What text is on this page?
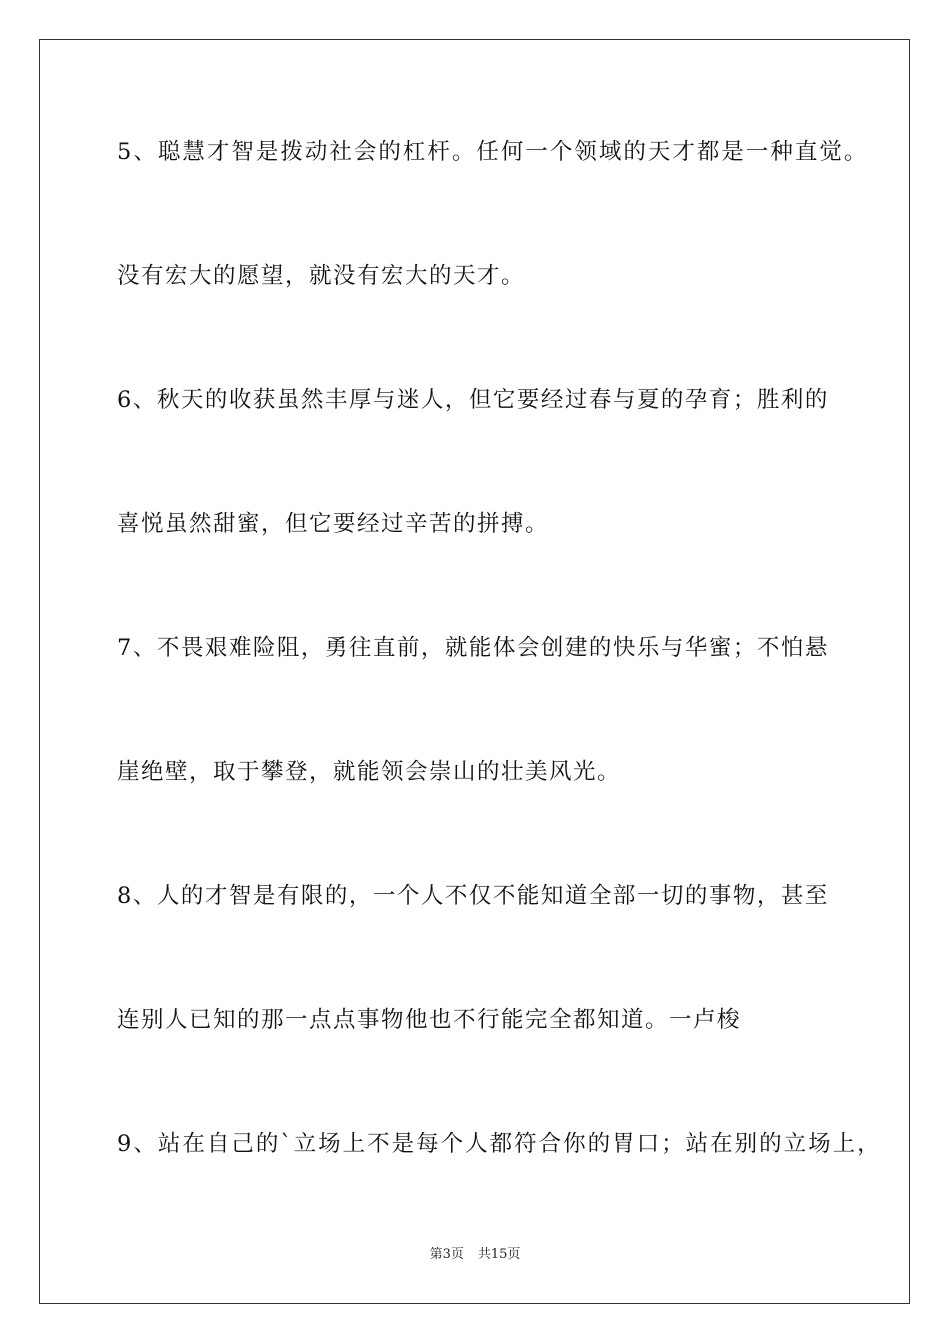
5、聪慧才智是拨动社会的杠杆。任何一个领域的天才都是一种直觉。
没有宏大的愿望，就没有宏大的天才。
6、秋天的收获虽然丰厚与迷人，但它要经过春与夏的孕育；胜利的
喜悦虽然甜蜜，但它要经过辛苦的拼搏。
7、不畏艰难险阻，勇往直前，就能体会创建的快乐与华蜜；不怕悬
崖绝壁，取于攀登，就能领会崇山的壮美风光。
8、人的才智是有限的，一个人不仅不能知道全部一切的事物，甚至
连别人已知的那一点点事物他也不行能完全都知道。一卢梭
9、站在自己的`立场上不是每个人都符合你的胃口；站在别的立场上，
第3页 共15页
